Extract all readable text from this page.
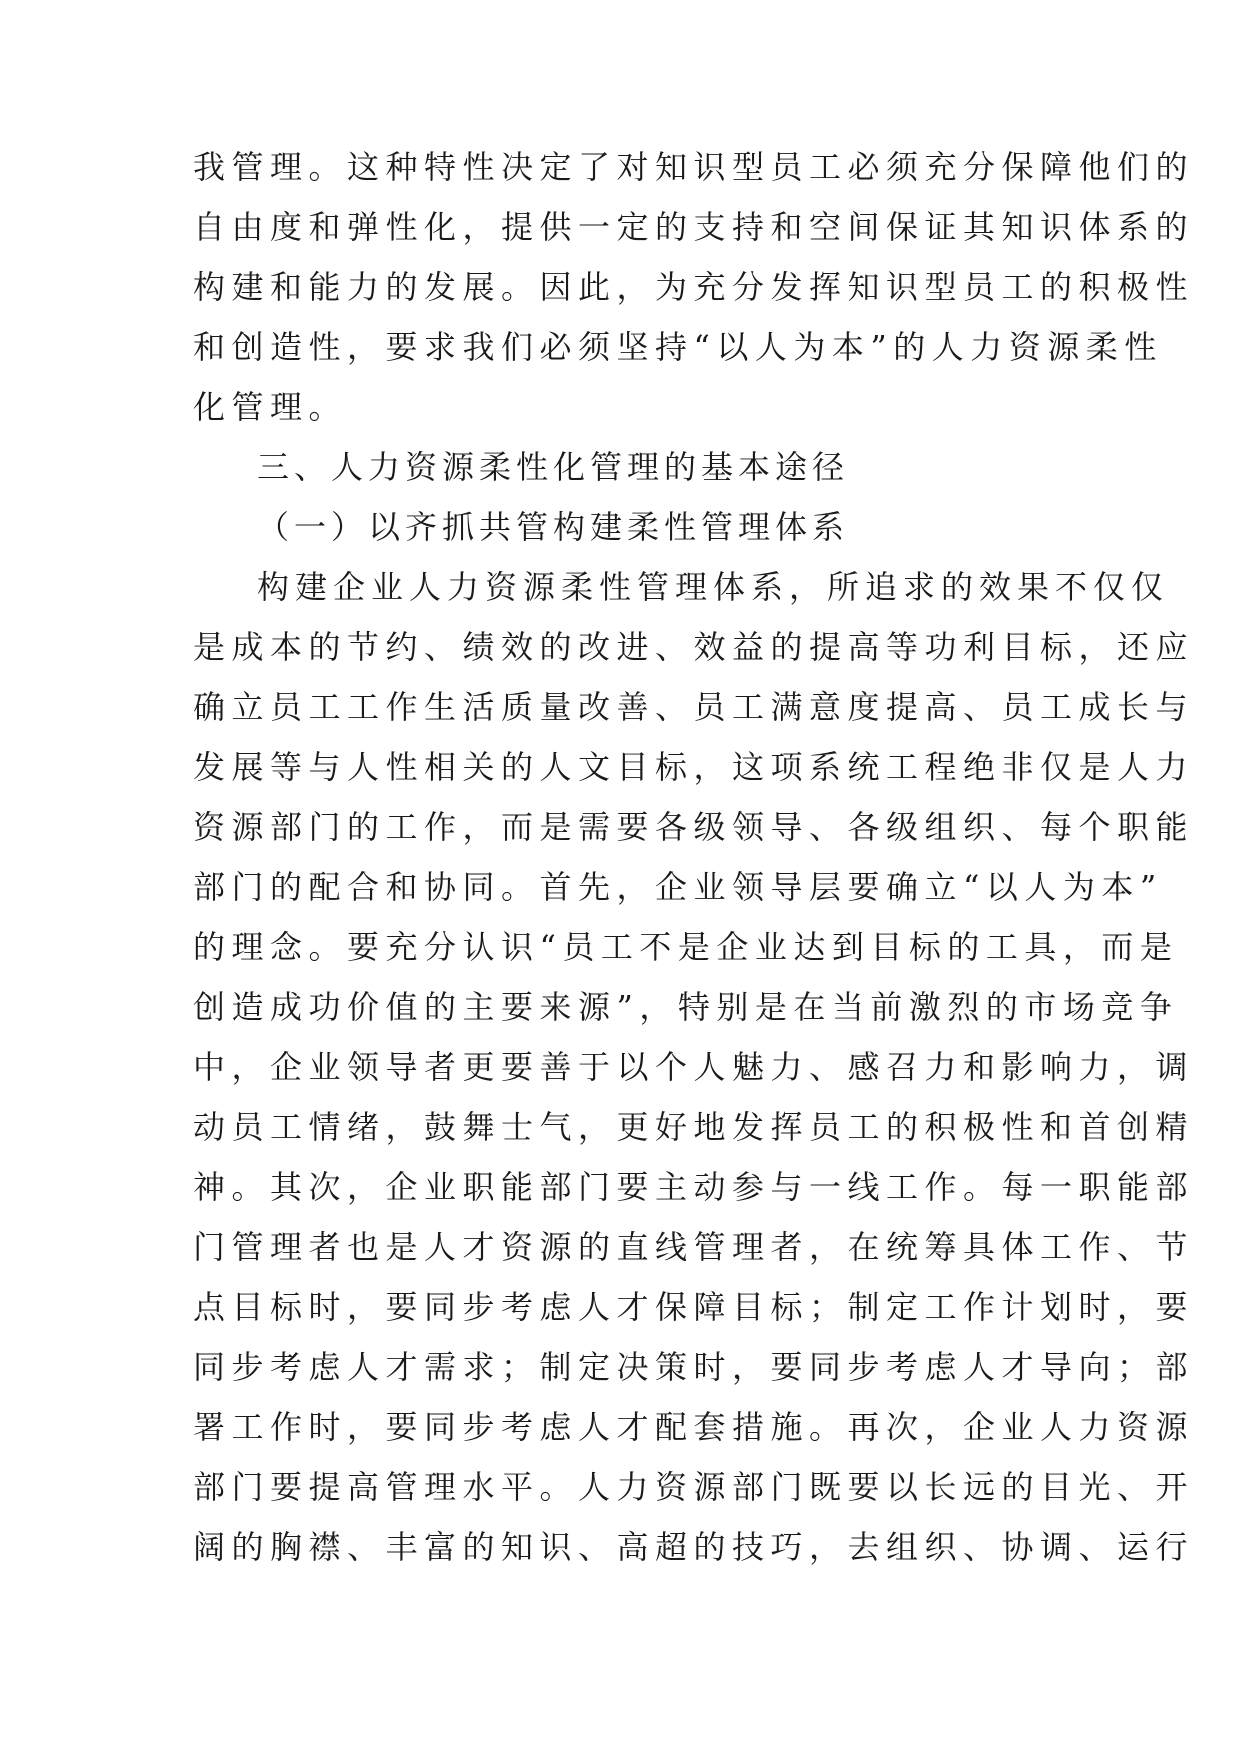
我管理。这种特性决定了对知识型员工必须充分保障他们的
自由度和弹性化，提供一定的支持和空间保证其知识体系的
构建和能力的发展。因此，为充分发挥知识型员工的积极性
和创造性，要求我们必须坚持“以人为本”的人力资源柔性
化管理。
三、人力资源柔性化管理的基本途径
（一）以齐抓共管构建柔性管理体系
构建企业人力资源柔性管理体系，所追求的效果不仅仅
是成本的节约、绩效的改进、效益的提高等功利目标，还应
确立员工工作生活质量改善、员工满意度提高、员工成长与
发展等与人性相关的人文目标，这项系统工程绝非仅是人力
资源部门的工作，而是需要各级领导、各级组织、每个职能
部门的配合和协同。首先，企业领导层要确立“以人为本”
的理念。要充分认识“员工不是企业达到目标的工具，而是
创造成功价值的主要来源”，特别是在当前激烈的市场竞争
中，企业领导者更要善于以个人魅力、感召力和影响力，调
动员工情绪，鼓舞士气，更好地发挥员工的积极性和首创精
神。其次，企业职能部门要主动参与一线工作。每一职能部
门管理者也是人才资源的直线管理者，在统筹具体工作、节
点目标时，要同步考虑人才保障目标；制定工作计划时，要
同步考虑人才需求；制定决策时，要同步考虑人才导向；部
署工作时，要同步考虑人才配套措施。再次，企业人力资源
部门要提高管理水平。人力资源部门既要以长远的目光、开
阔的胸襟、丰富的知识、高超的技巧，去组织、协调、运行
